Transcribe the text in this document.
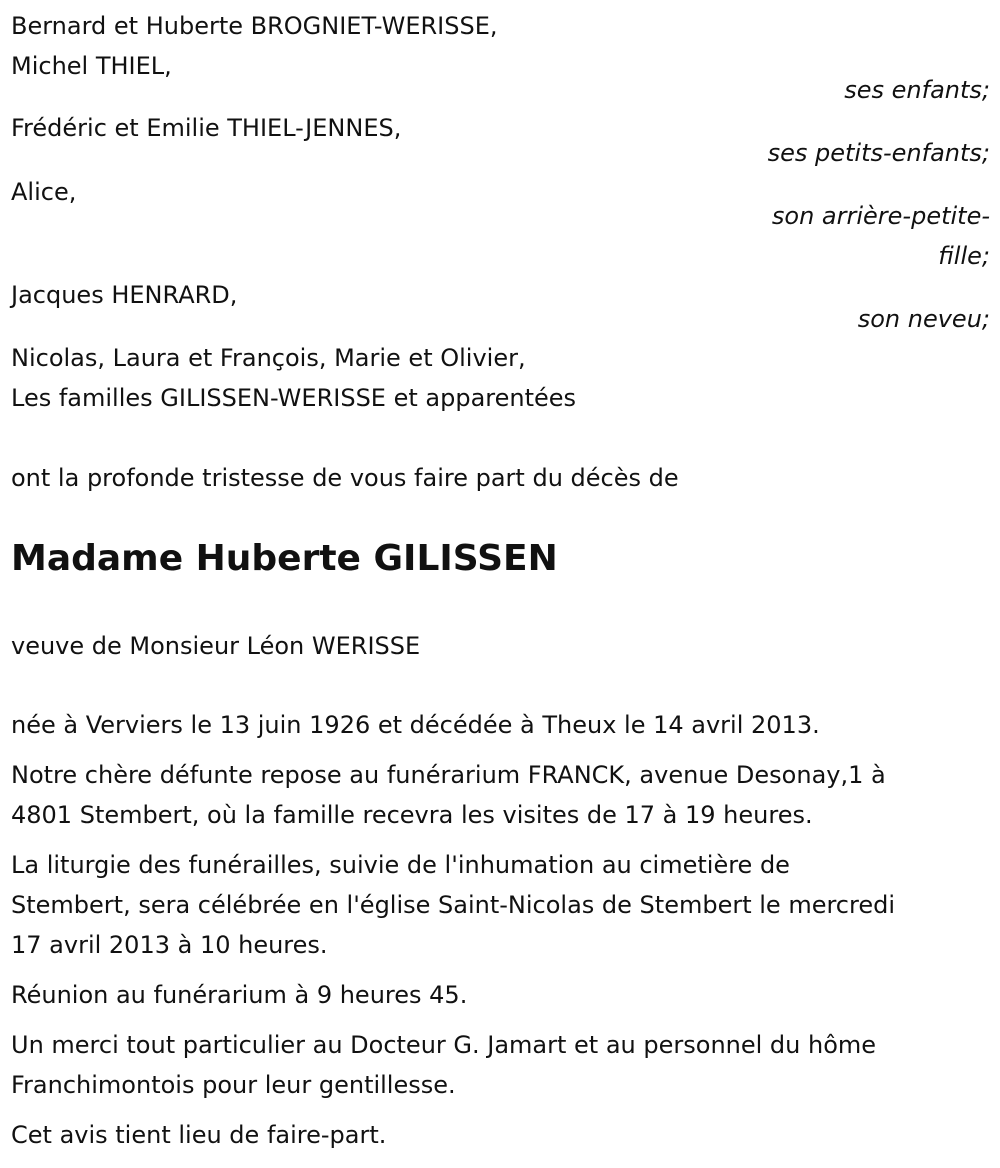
Bernard et Huberte BROGNIET-WERISSE,
Michel THIEL,
ses enfants;
Frédéric et Emilie THIEL-JENNES,
ses petits-enfants;
Alice,
son arrière-petite-
fille;
Jacques HENRARD,
son neveu;
Nicolas, Laura et François, Marie et Olivier,
Les familles GILISSEN-WERISSE et apparentées
ont la profonde tristesse de vous faire part du décès de
Madame Huberte GILISSEN
veuve de Monsieur Léon WERISSE
née à Verviers le 13 juin 1926 et décédée à Theux le 14 avril 2013.
Notre chère défunte repose au funérarium FRANCK, avenue Desonay,1 à
4801 Stembert, où la famille recevra les visites de 17 à 19 heures.
La liturgie des funérailles, suivie de l'inhumation au cimetière de
Stembert, sera célébrée en l'église Saint-Nicolas de Stembert le mercredi
17 avril 2013 à 10 heures.
Réunion au funérarium à 9 heures 45.
Un merci tout particulier au Docteur G. Jamart et au personnel du hôme
Franchimontois pour leur gentillesse.
Cet avis tient lieu de faire-part.
